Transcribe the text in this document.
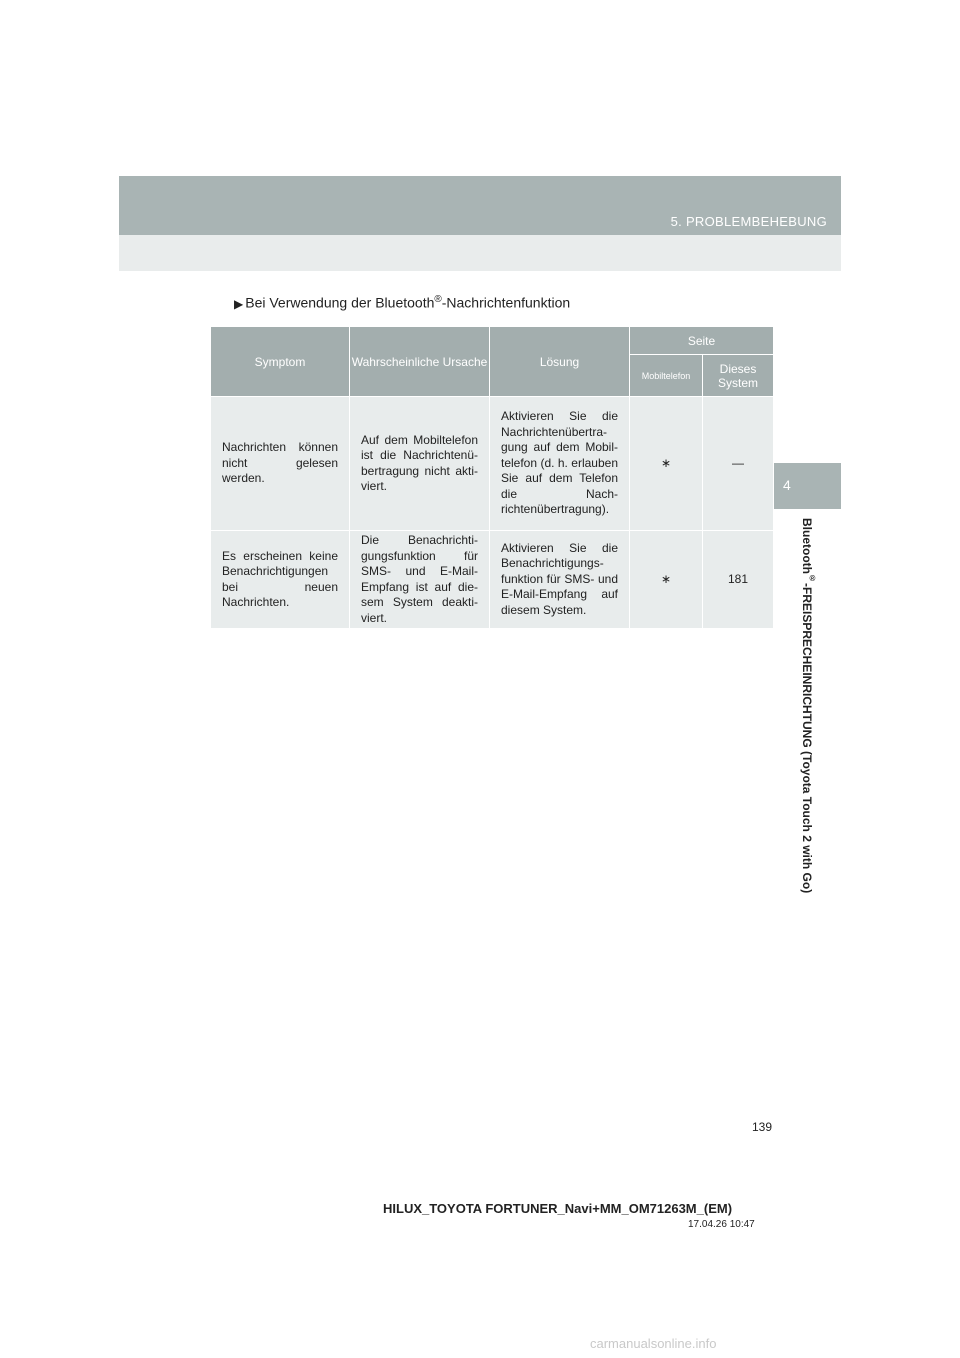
5. PROBLEMBEHEBUNG
4
Bluetooth®-FREISPRECHEINRICHTUNG (Toyota Touch 2 with Go)
▶ Bei Verwendung der Bluetooth®-Nachrichtenfunktion
Symptom	Wahrscheinliche Ursache	Lösung	Seite	
			Mobiltelefon	Dieses System
Nachrichten können nicht gelesen werden.	Auf dem Mobiltelefon ist die Nachrichtenü-bertragung nicht akti-viert.	Aktivieren Sie die Nachrichtenübertra-gung auf dem Mobil-telefon (d. h. erlauben Sie auf dem Telefon die Nach-richtenübertragung).	∗	—
Es erscheinen keine Benachrichtigungen bei neuen Nachrichten.	Die Benachrichti-gungsfunktion für SMS- und E-Mail-Empfang ist auf die-sem System deakti-viert.	Aktivieren Sie die Benachrichtigungs-funktion für SMS- und E-Mail-Empfang auf diesem System.	∗	181
139
HILUX_TOYOTA FORTUNER_Navi+MM_OM71263M_(EM)
17.04.26 10:47
carmanualsonline.info
